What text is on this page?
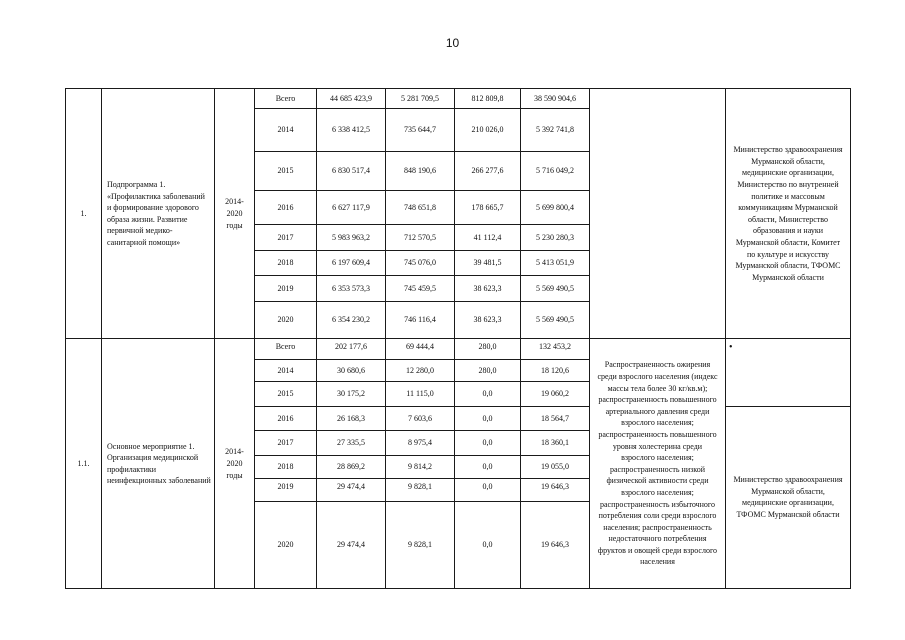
10
1.	Подпрограмма 1. «Профилактика заболеваний и формирование здорового образа жизни. Развитие первичной медико-санитарной помощи»	2014-2020 годы	Всего	44 685 423,9	5 281 709,5	812 809,8	38 590 904,6		Министерство здравоохранения Мурманской области, медицинские организации, Министерство по внутренней политике и массовым коммуникациям Мурманской области, Министерство образования и науки Мурманской области, Комитет по культуре и искусству Мурманской области, ТФОМС Мурманской области
			2014	6 338 412,5	735 644,7	210 026,0	5 392 741,8		
			2015	6 830 517,4	848 190,6	266 277,6	5 716 049,2		
			2016	6 627 117,9	748 651,8	178 665,7	5 699 800,4		
			2017	5 983 963,2	712 570,5	41 112,4	5 230 280,3		
			2018	6 197 609,4	745 076,0	39 481,5	5 413 051,9		
			2019	6 353 573,3	745 459,5	38 623,3	5 569 490,5		
			2020	6 354 230,2	746 116,4	38 623,3	5 569 490,5		
1.1.	Основное мероприятие 1. Организация медицинской профилактики неинфекционных заболеваний	2014-2020 годы	Всего	202 177,6	69 444,4	280,0	132 453,2	Распространенность ожирения среди взрослого населения (индекс массы тела более 30 кг/кв.м); распространенность повышенного артериального давления среди взрослого населения; распространенность повышенного уровня холестерина среди взрослого населения; распространенность низкой физической активности среди взрослого населения; распространенность избыточного потребления соли среди взрослого населения; распространенность недостаточного потребления фруктов и овощей среди взрослого населения	•
			2014	30 680,6	12 280,0	280,0	18 120,6		
			2015	30 175,2	11 115,0	0,0	19 060,2		
			2016	26 168,3	7 603,6	0,0	18 564,7		Министерство здравоохранения Мурманской области, медицинские организации, ТФОМС Мурманской области
			2017	27 335,5	8 975,4	0,0	18 360,1		
			2018	28 869,2	9 814,2	0,0	19 055,0		
			2019	29 474,4	9 828,1	0,0	19 646,3		
			2020	29 474,4	9 828,1	0,0	19 646,3		
